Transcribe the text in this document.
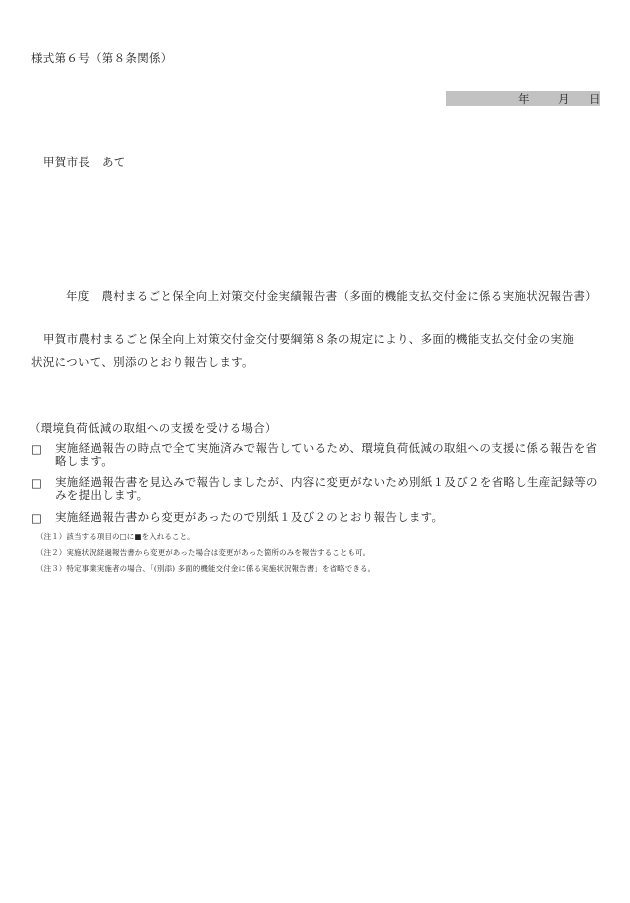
様式第６号（第８条関係）
年 月 日
甲賀市長　あて
年度　農村まるごと保全向上対策交付金実績報告書（多面的機能支払交付金に係る実施状況報告書）
甲賀市農村まるごと保全向上対策交付金交付要綱第８条の規定により、多面的機能支払交付金の実施
状況について、別添のとおり報告します。
（環境負荷低減の取組への支援を受ける場合）
□ 実施経過報告の時点で全て実施済みで報告しているため、環境負荷低減の取組への支援に係る報告を省略します。
□ 実施経過報告書を見込みで報告しましたが、内容に変更がないため別紙１及び２を省略し生産記録等のみを提出します。
□ 実施経過報告書から変更があったので別紙１及び２のとおり報告します。
（注１）該当する項目の□に■を入れること。
（注２）実施状況経過報告書から変更があった場合は変更があった箇所のみを報告することも可。
（注３）特定事業実施者の場合、「(別添) 多面的機能交付金に係る実施状況報告書」を省略できる。
